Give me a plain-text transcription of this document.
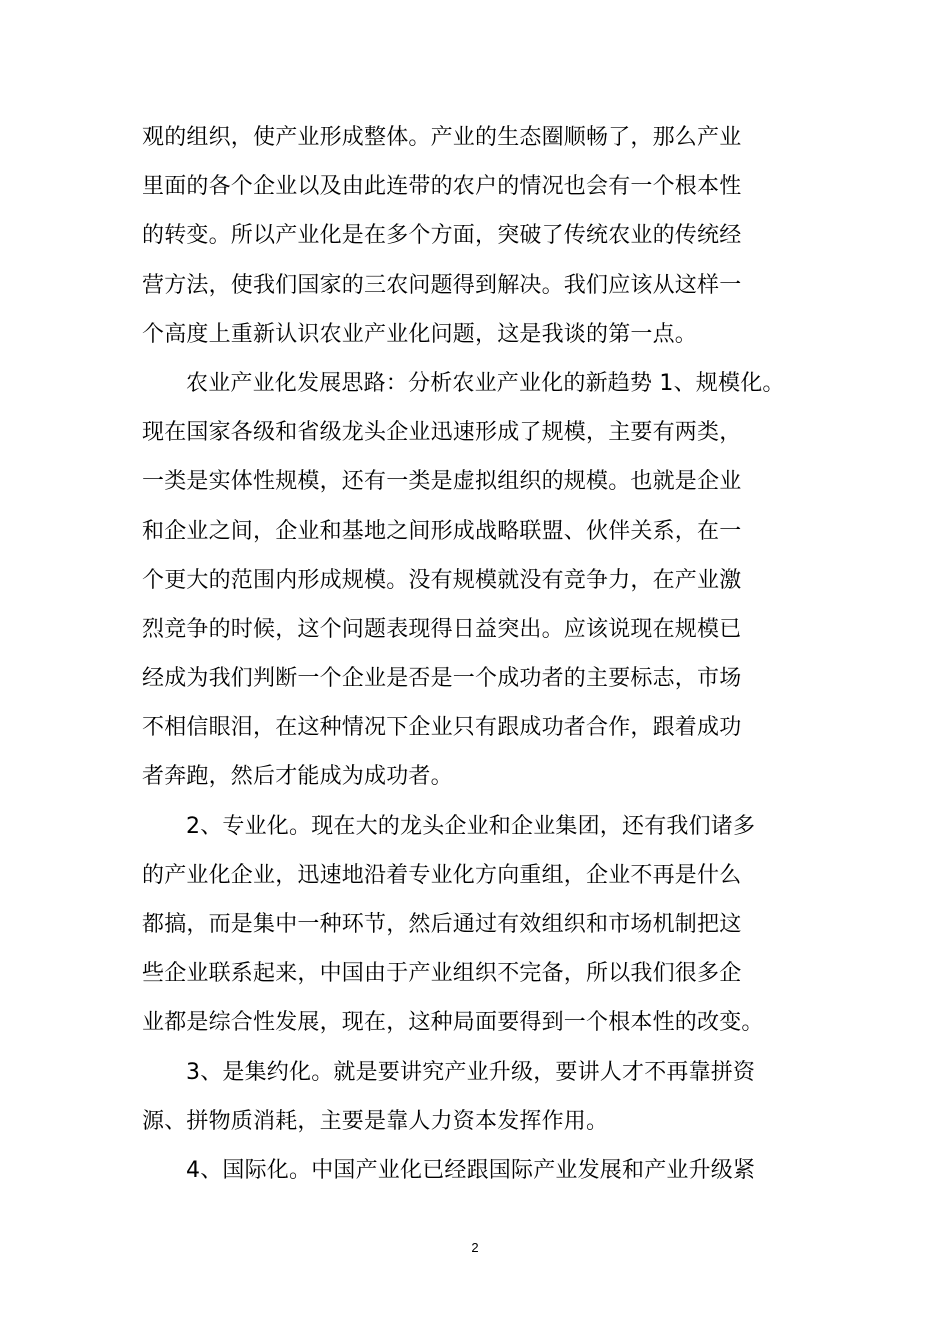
观的组织，使产业形成整体。产业的生态圈顺畅了，那么产业
里面的各个企业以及由此连带的农户的情况也会有一个根本性
的转变。所以产业化是在多个方面，突破了传统农业的传统经
营方法，使我们国家的三农问题得到解决。我们应该从这样一
个高度上重新认识农业产业化问题，这是我谈的第一点。
农业产业化发展思路：分析农业产业化的新趋势 1、规模化。
现在国家各级和省级龙头企业迅速形成了规模，主要有两类，
一类是实体性规模，还有一类是虚拟组织的规模。也就是企业
和企业之间，企业和基地之间形成战略联盟、伙伴关系，在一
个更大的范围内形成规模。没有规模就没有竞争力，在产业激
烈竞争的时候，这个问题表现得日益突出。应该说现在规模已
经成为我们判断一个企业是否是一个成功者的主要标志，市场
不相信眼泪，在这种情况下企业只有跟成功者合作，跟着成功
者奔跑，然后才能成为成功者。
2、专业化。现在大的龙头企业和企业集团，还有我们诸多
的产业化企业，迅速地沿着专业化方向重组，企业不再是什么
都搞，而是集中一种环节，然后通过有效组织和市场机制把这
些企业联系起来，中国由于产业组织不完备，所以我们很多企
业都是综合性发展，现在，这种局面要得到一个根本性的改变。
3、是集约化。就是要讲究产业升级，要讲人才不再靠拼资
源、拼物质消耗，主要是靠人力资本发挥作用。
4、国际化。中国产业化已经跟国际产业发展和产业升级紧
2
